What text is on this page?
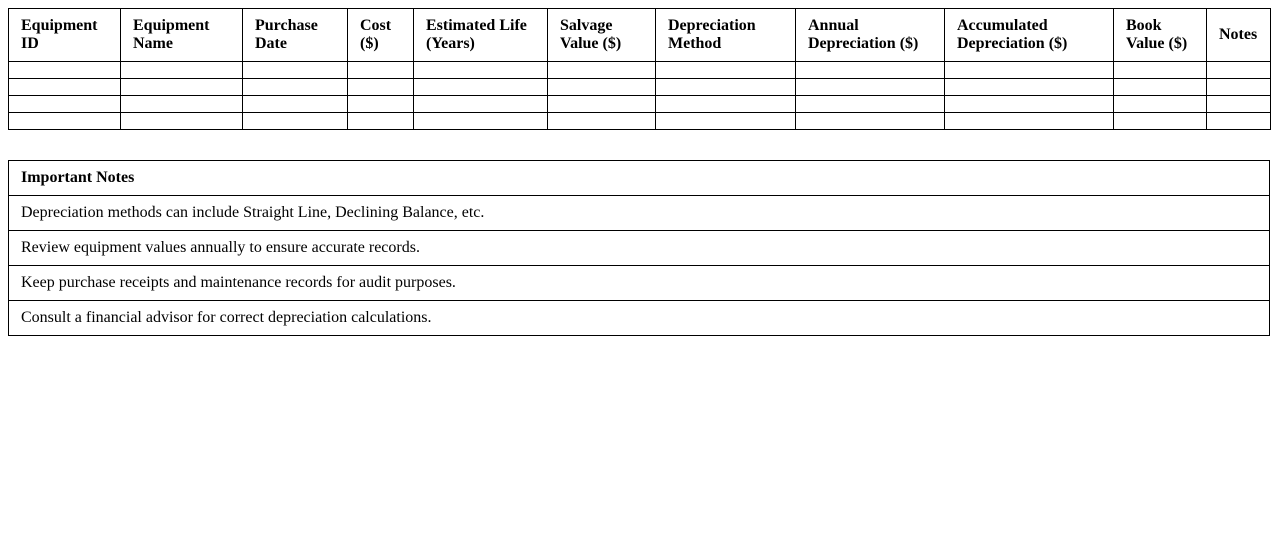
Equipment ID	Equipment Name	Purchase Date	Cost ($)	Estimated Life (Years)	Salvage Value ($)	Depreciation Method	Annual Depreciation ($)	Accumulated Depreciation ($)	Book Value ($)	Notes

Important Notes
Depreciation methods can include Straight Line, Declining Balance, etc.
Review equipment values annually to ensure accurate records.
Keep purchase receipts and maintenance records for audit purposes.
Consult a financial advisor for correct depreciation calculations.
